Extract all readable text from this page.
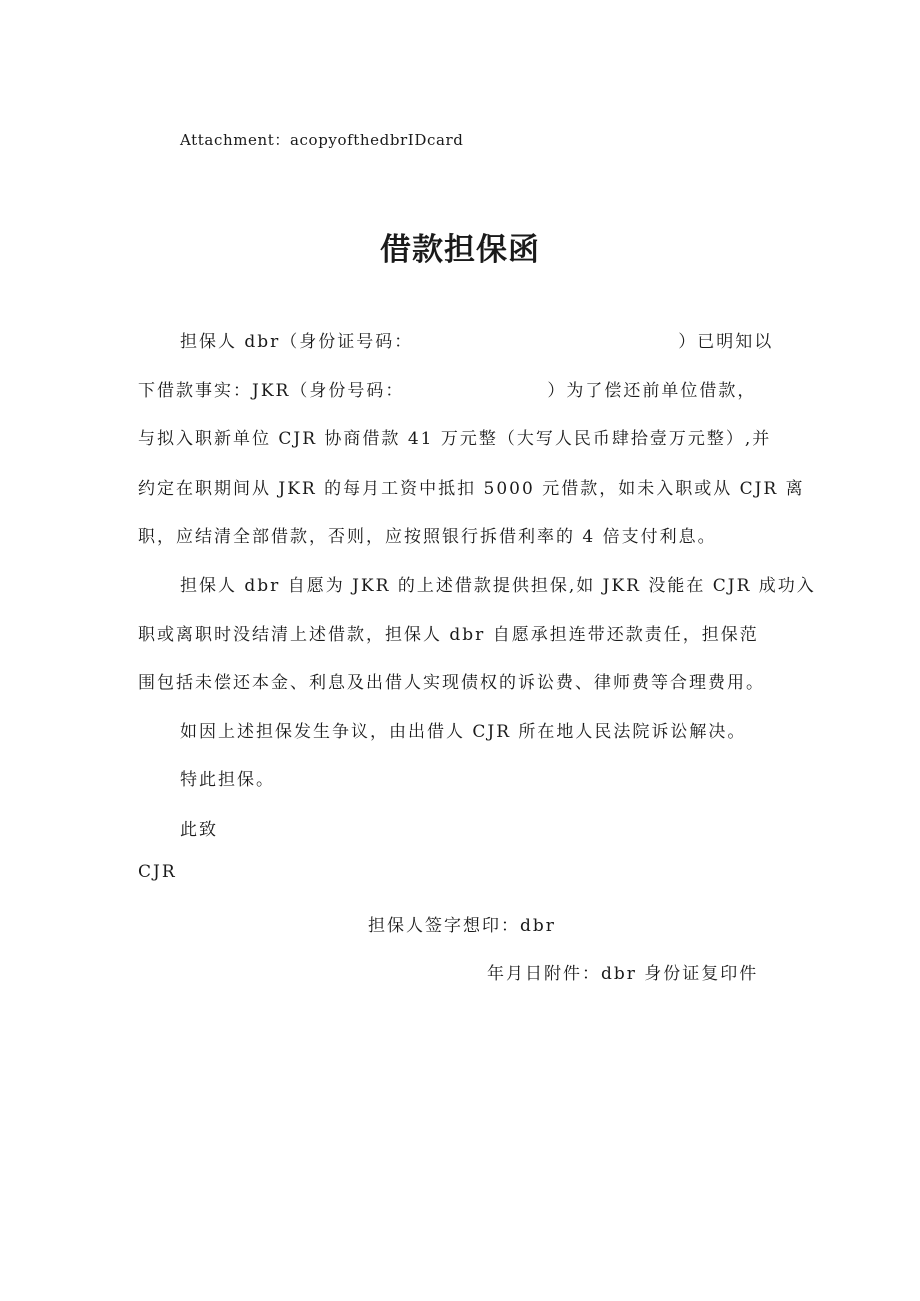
Attachment：acopyofthedbrIDcard
借款担保函
担保人 dbr（身份证号码：	）已明知以
下借款事实：JKR（身份号码：	）为了偿还前单位借款，
与拟入职新单位 CJR 协商借款 41 万元整（大写人民币肆拾壹万元整）,并
约定在职期间从 JKR 的每月工资中抵扣 5000 元借款，如未入职或从 CJR 离
职，应结清全部借款，否则，应按照银行拆借利率的 4 倍支付利息。
担保人 dbr 自愿为 JKR 的上述借款提供担保,如 JKR 没能在 CJR 成功入
职或离职时没结清上述借款，担保人 dbr 自愿承担连带还款责任，担保范
围包括未偿还本金、利息及出借人实现债权的诉讼费、律师费等合理费用。
如因上述担保发生争议，由出借人 CJR 所在地人民法院诉讼解决。
特此担保。
此致
CJR
担保人签字想印：dbr
年月日附件：dbr 身份证复印件
